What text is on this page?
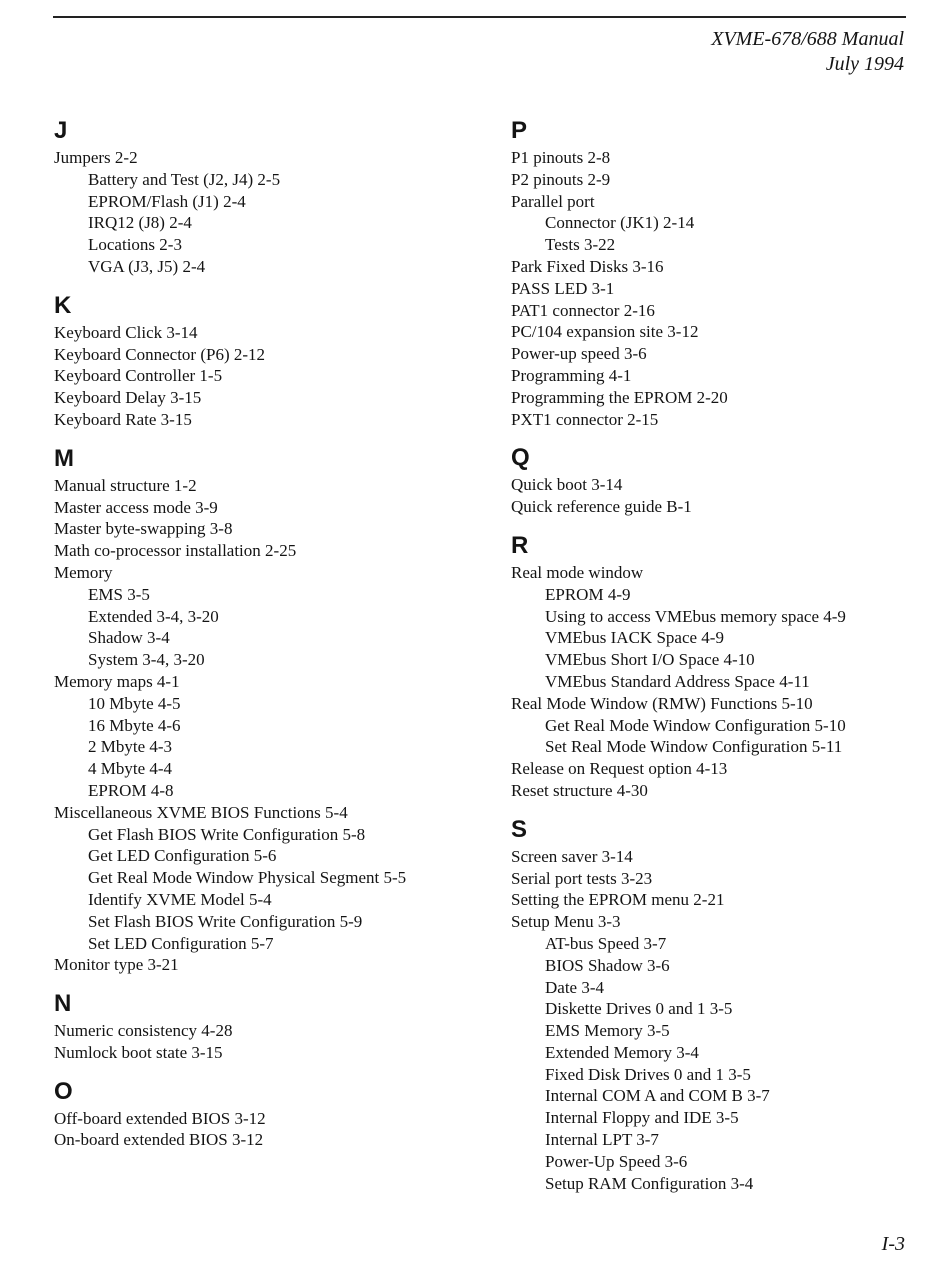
XVME-678/688 Manual
July 1994
J
Jumpers 2-2
Battery and Test (J2, J4) 2-5
EPROM/Flash (J1) 2-4
IRQ12 (J8) 2-4
Locations 2-3
VGA (J3, J5) 2-4
K
Keyboard Click 3-14
Keyboard Connector (P6) 2-12
Keyboard Controller 1-5
Keyboard Delay 3-15
Keyboard Rate 3-15
M
Manual structure 1-2
Master access mode 3-9
Master byte-swapping 3-8
Math co-processor installation 2-25
Memory
EMS 3-5
Extended 3-4, 3-20
Shadow 3-4
System 3-4, 3-20
Memory maps 4-1
10 Mbyte 4-5
16 Mbyte 4-6
2 Mbyte 4-3
4 Mbyte 4-4
EPROM 4-8
Miscellaneous XVME BIOS Functions 5-4
Get Flash BIOS Write Configuration 5-8
Get LED Configuration 5-6
Get Real Mode Window Physical Segment 5-5
Identify XVME Model 5-4
Set Flash BIOS Write Configuration 5-9
Set LED Configuration 5-7
Monitor type 3-21
N
Numeric consistency 4-28
Numlock boot state 3-15
O
Off-board extended BIOS 3-12
On-board extended BIOS 3-12
P
P1 pinouts 2-8
P2 pinouts 2-9
Parallel port
Connector (JK1) 2-14
Tests 3-22
Park Fixed Disks 3-16
PASS LED 3-1
PAT1 connector 2-16
PC/104 expansion site 3-12
Power-up speed 3-6
Programming 4-1
Programming the EPROM 2-20
PXT1 connector 2-15
Q
Quick boot 3-14
Quick reference guide B-1
R
Real mode window
EPROM 4-9
Using to access VMEbus memory space 4-9
VMEbus IACK Space 4-9
VMEbus Short I/O Space 4-10
VMEbus Standard Address Space 4-11
Real Mode Window (RMW) Functions 5-10
Get Real Mode Window Configuration 5-10
Set Real Mode Window Configuration 5-11
Release on Request option 4-13
Reset structure 4-30
S
Screen saver 3-14
Serial port tests 3-23
Setting the EPROM menu 2-21
Setup Menu 3-3
AT-bus Speed 3-7
BIOS Shadow 3-6
Date 3-4
Diskette Drives 0 and 1 3-5
EMS Memory 3-5
Extended Memory 3-4
Fixed Disk Drives 0 and 1 3-5
Internal COM A and COM B 3-7
Internal Floppy and IDE 3-5
Internal LPT 3-7
Power-Up Speed 3-6
Setup RAM Configuration 3-4
I-3
